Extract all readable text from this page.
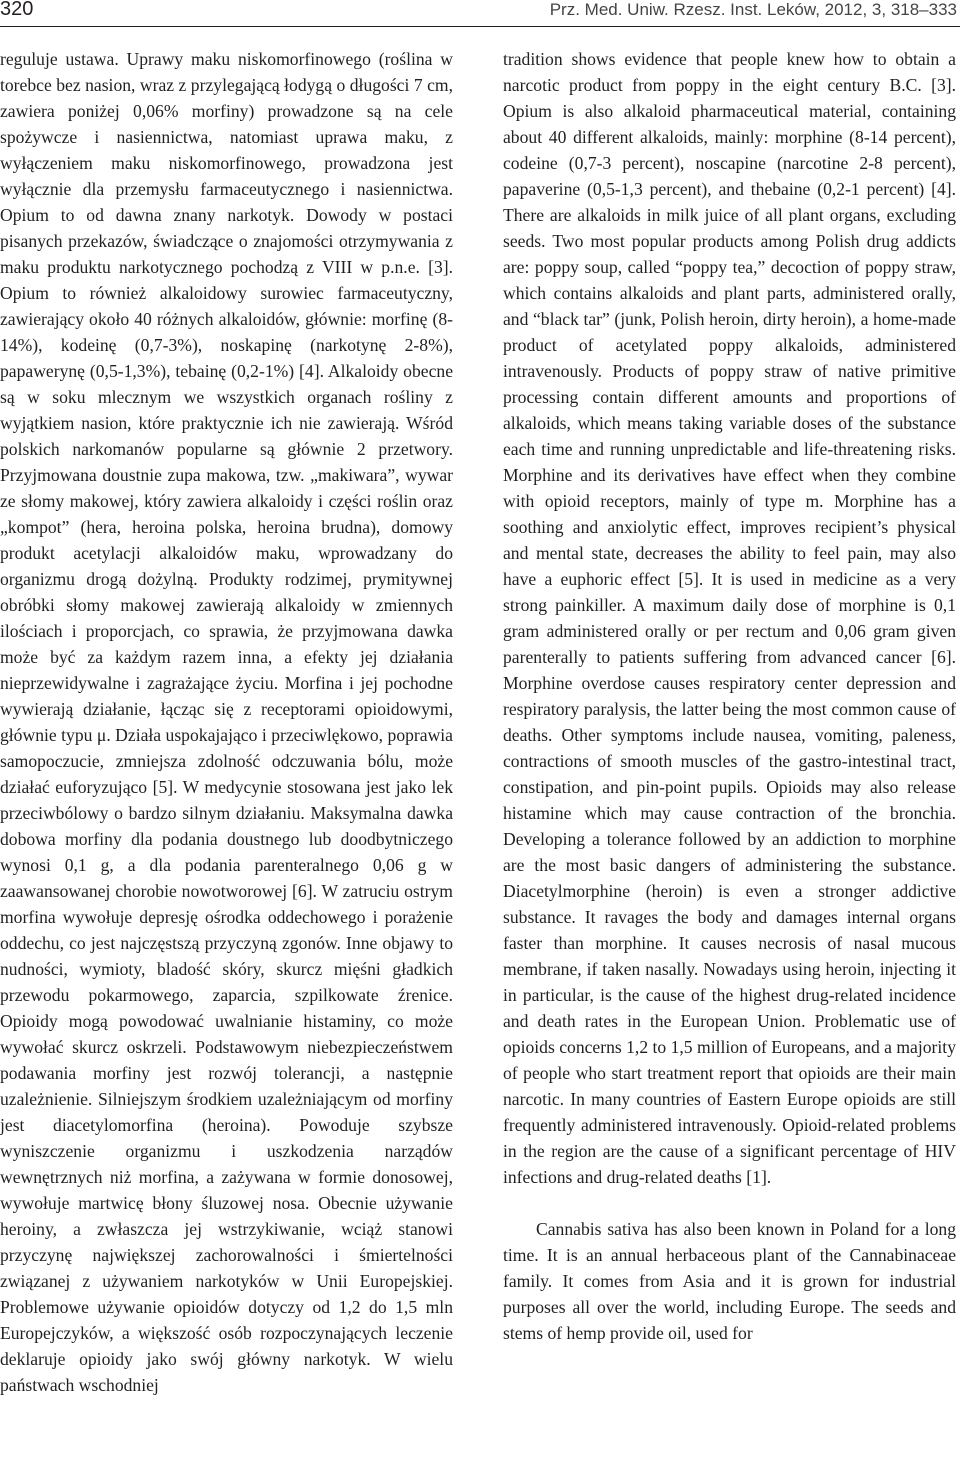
320	Prz. Med. Uniw. Rzesz. Inst. Leków, 2012, 3, 318–333

reguluje ustawa. Uprawy maku niskomorfinowego (roślina w torebce bez nasion, wraz z przylegającą łodygą o długości 7 cm, zawiera poniżej 0,06% morfiny) prowadzone są na cele spożywcze i nasiennictwa, natomiast uprawa maku, z wyłączeniem maku niskomorfinowego, prowadzona jest wyłącznie dla przemysłu farmaceutycznego i nasiennictwa. Opium to od dawna znany narkotyk. Dowody w postaci pisanych przekazów, świadczące o znajomości otrzymywania z maku produktu narkotycznego pochodzą z VIII w p.n.e. [3]. Opium to również alkaloidowy surowiec farmaceutyczny, zawierający około 40 różnych alkaloidów, głównie: morfinę (8-14%), kodeinę (0,7-3%), noskapinę (narkotynę 2-8%), papawerynę (0,5-1,3%), tebainę (0,2-1%) [4]. Alkaloidy obecne są w soku mlecznym we wszystkich organach rośliny z wyjątkiem nasion, które praktycznie ich nie zawierają. Wśród polskich narkomanów popularne są głównie 2 przetwory. Przyjmowana doustnie zupa makowa, tzw. „makiwara”, wywar ze słomy makowej, który zawiera alkaloidy i części roślin oraz „kompot” (hera, heroina polska, heroina brudna), domowy produkt acetylacji alkaloidów maku, wprowadzany do organizmu drogą dożylną. Produkty rodzimej, prymitywnej obróbki słomy makowej zawierają alkaloidy w zmiennych ilościach i proporcjach, co sprawia, że przyjmowana dawka może być za każdym razem inna, a efekty jej działania nieprzewidywalne i zagrażające życiu. Morfina i jej pochodne wywierają działanie, łącząc się z receptorami opioidowymi, głównie typu μ. Działa uspokajająco i przeciwlękowo, poprawia samopoczucie, zmniejsza zdolność odczuwania bólu, może działać euforyzująco [5]. W medycynie stosowana jest jako lek przeciwbólowy o bardzo silnym działaniu. Maksymalna dawka dobowa morfiny dla podania doustnego lub doodbytniczego wynosi 0,1 g, a dla podania parenteralnego 0,06 g w zaawansowanej chorobie nowotworowej [6]. W zatruciu ostrym morfina wywołuje depresję ośrodka oddechowego i porażenie oddechu, co jest najczęstszą przyczyną zgonów. Inne objawy to nudności, wymioty, bladość skóry, skurcz mięśni gładkich przewodu pokarmowego, zaparcia, szpilkowate źrenice. Opioidy mogą powodować uwalnianie histaminy, co może wywołać skurcz oskrzeli. Podstawowym niebezpieczeństwem podawania morfiny jest rozwój tolerancji, a następnie uzależnienie. Silniejszym środkiem uzależniającym od morfiny jest diacetylomorfina (heroina). Powoduje szybsze wyniszczenie organizmu i uszkodzenia narządów wewnętrznych niż morfina, a zażywana w formie donosowej, wywołuje martwicę błony śluzowej nosa. Obecnie używanie heroiny, a zwłaszcza jej wstrzykiwanie, wciąż stanowi przyczynę największej zachorowalności i śmiertelności związanej z używaniem narkotyków w Unii Europejskiej. Problemowe używanie opioidów dotyczy od 1,2 do 1,5 mln Europejczyków, a większość osób rozpoczynających leczenie deklaruje opioidy jako swój główny narkotyk. W wielu państwach wschodniej

tradition shows evidence that people knew how to obtain a narcotic product from poppy in the eight century B.C. [3]. Opium is also alkaloid pharmaceutical material, containing about 40 different alkaloids, mainly: morphine (8-14 percent), codeine (0,7-3 percent), noscapine (narcotine 2-8 percent), papaverine (0,5-1,3 percent), and thebaine (0,2-1 percent) [4]. There are alkaloids in milk juice of all plant organs, excluding seeds. Two most popular products among Polish drug addicts are: poppy soup, called “poppy tea,” decoction of poppy straw, which contains alkaloids and plant parts, administered orally, and “black tar” (junk, Polish heroin, dirty heroin), a home-made product of acetylated poppy alkaloids, administered intravenously. Products of poppy straw of native primitive processing contain different amounts and proportions of alkaloids, which means taking variable doses of the substance each time and running unpredictable and life-threatening risks. Morphine and its derivatives have effect when they combine with opioid receptors, mainly of type m. Morphine has a soothing and anxiolytic effect, improves recipient’s physical and mental state, decreases the ability to feel pain, may also have a euphoric effect [5]. It is used in medicine as a very strong painkiller. A maximum daily dose of morphine is 0,1 gram administered orally or per rectum and 0,06 gram given parenterally to patients suffering from advanced cancer [6]. Morphine overdose causes respiratory center depression and respiratory paralysis, the latter being the most common cause of deaths. Other symptoms include nausea, vomiting, paleness, contractions of smooth muscles of the gastro-intestinal tract, constipation, and pin-point pupils. Opioids may also release histamine which may cause contraction of the bronchia. Developing a tolerance followed by an addiction to morphine are the most basic dangers of administering the substance. Diacetylmorphine (heroin) is even a stronger addictive substance. It ravages the body and damages internal organs faster than morphine. It causes necrosis of nasal mucous membrane, if taken nasally. Nowadays using heroin, injecting it in particular, is the cause of the highest drug-related incidence and death rates in the European Union. Problematic use of opioids concerns 1,2 to 1,5 million of Europeans, and a majority of people who start treatment report that opioids are their main narcotic. In many countries of Eastern Europe opioids are still frequently administered intravenously. Opioid-related problems in the region are the cause of a significant percentage of HIV infections and drug-related deaths [1].

Cannabis sativa has also been known in Poland for a long time. It is an annual herbaceous plant of the Cannabinaceae family. It comes from Asia and it is grown for industrial purposes all over the world, including Europe. The seeds and stems of hemp provide oil, used for
